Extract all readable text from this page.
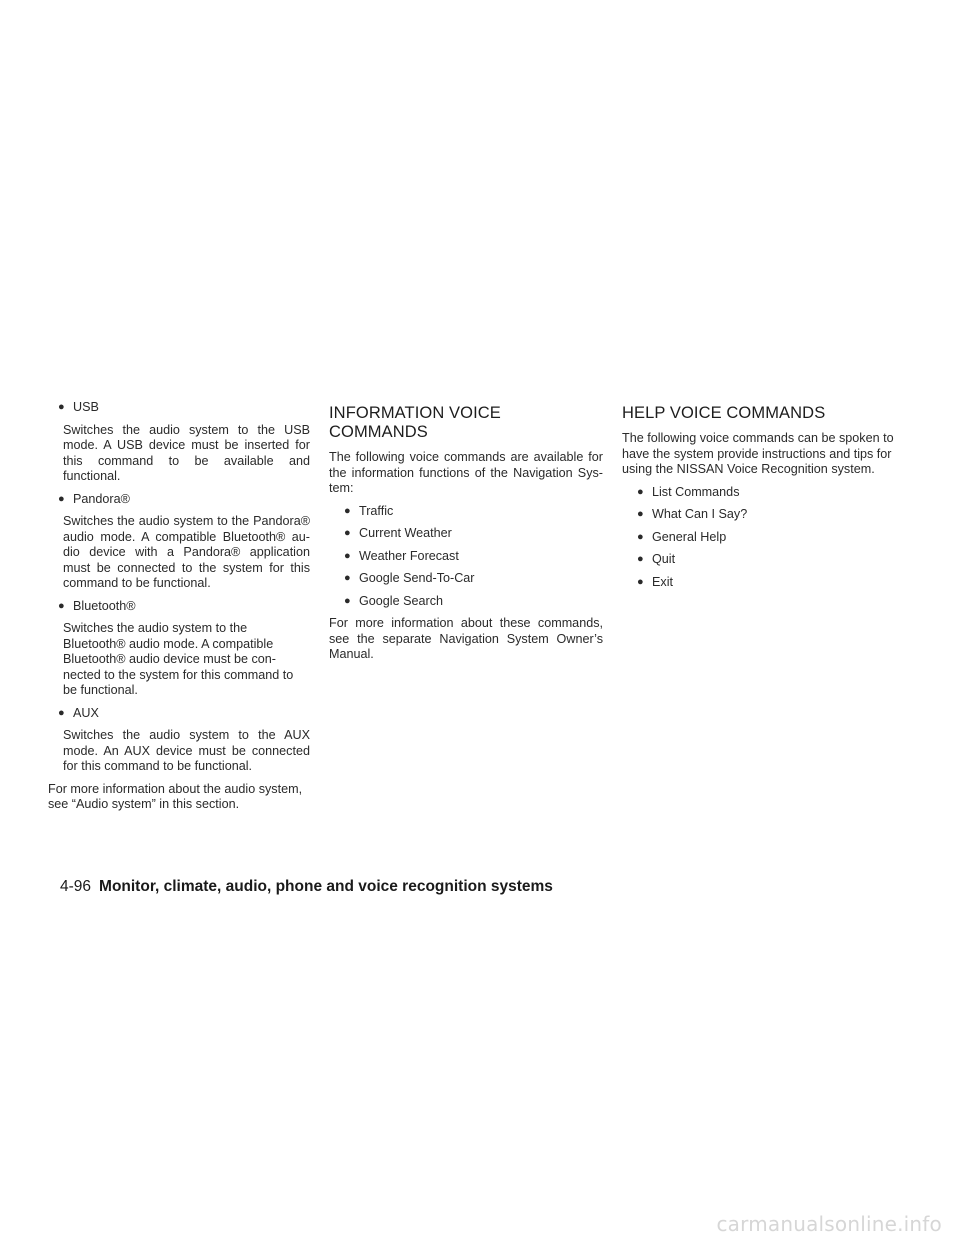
● USB

Switches the audio system to the USB mode. A USB device must be inserted for this command to be available and functional.

● Pandora®

Switches the audio system to the Pandora® audio mode. A compatible Bluetooth® au- dio device with a Pandora® application must be connected to the system for this command to be functional.

● Bluetooth®

Switches the audio system to the Bluetooth® audio mode. A compatible Bluetooth® audio device must be con- nected to the system for this command to be functional.

● AUX

Switches the audio system to the AUX mode. An AUX device must be connected for this command to be functional.

For more information about the audio system, see “Audio system” in this section.

INFORMATION VOICE COMMANDS

The following voice commands are available for the information functions of the Navigation Sys- tem:

● Traffic
● Current Weather
● Weather Forecast
● Google Send-To-Car
● Google Search

For more information about these commands, see the separate Navigation System Owner’s Manual.

HELP VOICE COMMANDS

The following voice commands can be spoken to have the system provide instructions and tips for using the NISSAN Voice Recognition system.

● List Commands
● What Can I Say?
● General Help
● Quit
● Exit
4-96 Monitor, climate, audio, phone and voice recognition systems
carmanualsonline.info
